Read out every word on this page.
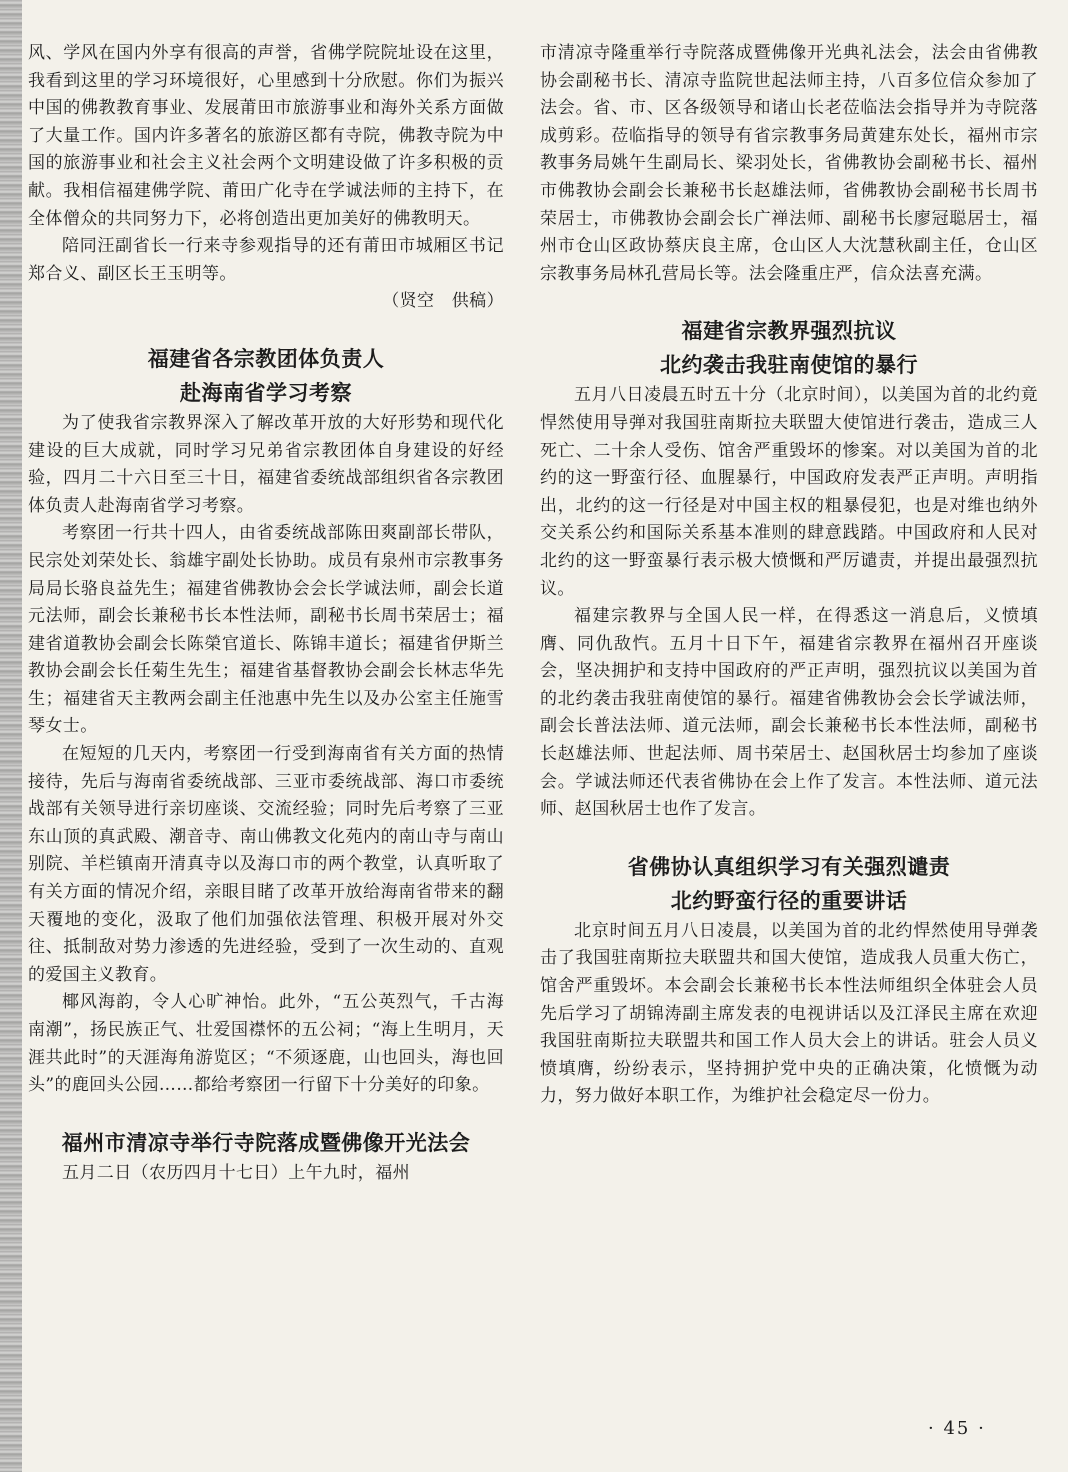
风、学风在国内外享有很高的声誉，省佛学院院址设在这里，我看到这里的学习环境很好，心里感到十分欣慰。你们为振兴中国的佛教教育事业、发展莆田市旅游事业和海外关系方面做了大量工作。国内许多著名的旅游区都有寺院，佛教寺院为中国的旅游事业和社会主义社会两个文明建设做了许多积极的贡献。我相信福建佛学院、莆田广化寺在学诚法师的主持下，在全体僧众的共同努力下，必将创造出更加美好的佛教明天。

陪同汪副省长一行来寺参观指导的还有莆田市城厢区书记郑合义、副区长王玉明等。

（贤空　供稿）

福建省各宗教团体负责人
赴海南省学习考察

为了使我省宗教界深入了解改革开放的大好形势和现代化建设的巨大成就，同时学习兄弟省宗教团体自身建设的好经验，四月二十六日至三十日，福建省委统战部组织省各宗教团体负责人赴海南省学习考察。

考察团一行共十四人，由省委统战部陈田爽副部长带队，民宗处刘荣处长、翁雄宇副处长协助。成员有泉州市宗教事务局局长骆良益先生；福建省佛教协会会长学诚法师，副会长道元法师，副会长兼秘书长本性法师，副秘书长周书荣居士；福建省道教协会副会长陈榮官道长、陈锦丰道长；福建省伊斯兰教协会副会长任菊生先生；福建省基督教协会副会长林志华先生；福建省天主教两会副主任池惠中先生以及办公室主任施雪琴女士。

在短短的几天内，考察团一行受到海南省有关方面的热情接待，先后与海南省委统战部、三亚市委统战部、海口市委统战部有关领导进行亲切座谈、交流经验；同时先后考察了三亚东山顶的真武殿、潮音寺、南山佛教文化苑内的南山寺与南山别院、羊栏镇南开清真寺以及海口市的两个教堂，认真听取了有关方面的情况介绍，亲眼目睹了改革开放给海南省带来的翻天覆地的变化，汲取了他们加强依法管理、积极开展对外交往、抵制敌对势力渗透的先进经验，受到了一次生动的、直观的爱国主义教育。

椰风海韵，令人心旷神怡。此外，“五公英烈气，千古海南潮”，扬民族正气、壮爱国襟怀的五公祠；“海上生明月，天涯共此时”的天涯海角游览区；“不须逐鹿，山也回头，海也回头”的鹿回头公园……都给考察团一行留下十分美好的印象。

福州市清凉寺举行寺院落成暨佛像开光法会

五月二日（农历四月十七日）上午九时，福州

市清凉寺隆重举行寺院落成暨佛像开光典礼法会，法会由省佛教协会副秘书长、清凉寺监院世起法师主持，八百多位信众参加了法会。省、市、区各级领导和诸山长老莅临法会指导并为寺院落成剪彩。莅临指导的领导有省宗教事务局黄建东处长，福州市宗教事务局姚午生副局长、梁羽处长，省佛教协会副秘书长、福州市佛教协会副会长兼秘书长赵雄法师，省佛教协会副秘书长周书荣居士，市佛教协会副会长广禅法师、副秘书长廖冠聪居士，福州市仓山区政协蔡庆良主席，仓山区人大沈慧秋副主任，仓山区宗教事务局林孔营局长等。法会隆重庄严，信众法喜充满。

福建省宗教界强烈抗议
北约袭击我驻南使馆的暴行

五月八日凌晨五时五十分（北京时间），以美国为首的北约竟悍然使用导弹对我国驻南斯拉夫联盟大使馆进行袭击，造成三人死亡、二十余人受伤、馆舍严重毁坏的惨案。对以美国为首的北约的这一野蛮行径、血腥暴行，中国政府发表严正声明。声明指出，北约的这一行径是对中国主权的粗暴侵犯，也是对维也纳外交关系公约和国际关系基本准则的肆意践踏。中国政府和人民对北约的这一野蛮暴行表示极大愤慨和严厉谴责，并提出最强烈抗议。

福建宗教界与全国人民一样，在得悉这一消息后，义愤填膺、同仇敌忾。五月十日下午，福建省宗教界在福州召开座谈会，坚决拥护和支持中国政府的严正声明，强烈抗议以美国为首的北约袭击我驻南使馆的暴行。福建省佛教协会会长学诚法师，副会长普法法师、道元法师，副会长兼秘书长本性法师，副秘书长赵雄法师、世起法师、周书荣居士、赵国秋居士均参加了座谈会。学诚法师还代表省佛协在会上作了发言。本性法师、道元法师、赵国秋居士也作了发言。

省佛协认真组织学习有关强烈谴责
北约野蛮行径的重要讲话

北京时间五月八日凌晨，以美国为首的北约悍然使用导弹袭击了我国驻南斯拉夫联盟共和国大使馆，造成我人员重大伤亡，馆舍严重毁坏。本会副会长兼秘书长本性法师组织全体驻会人员先后学习了胡锦涛副主席发表的电视讲话以及江泽民主席在欢迎我国驻南斯拉夫联盟共和国工作人员大会上的讲话。驻会人员义愤填膺，纷纷表示，坚持拥护党中央的正确决策，化愤慨为动力，努力做好本职工作，为维护社会稳定尽一份力。

· 45 ·
